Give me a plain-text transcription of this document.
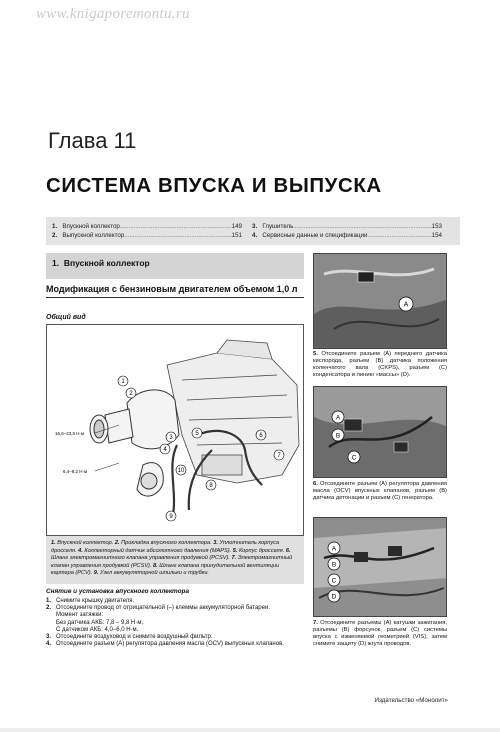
www.knigaporemontu.ru
Глава 11
СИСТЕМА ВПУСКА И ВЫПУСКА
1. Впускной коллектор .....	149
2. Выпускной коллектор .....	151
3. Глушитель .....	153
4. Сервисные данные и спецификации .....	154
1. Впускной коллектор
Модификация с бензиновым двигателем объемом 1,0 л
Общий вид
16,6–23,5 Н·м
6,4–8,2 Н·м
1
2
3
4
5	6
7
8
9
10
1. Впускной коллектор. 2. Прокладка впускного коллектора. 3. Уплотнитель корпуса дросселя. 4. Коллекторный датчик абсолютного давления (MAPS). 5. Корпус дросселя. 6. Шланг электромагнитного клапана управления продувкой (PCSV). 7. Электромагнитный клапан управления продувкой (PCSV). 8. Шланг клапана принудительной вентиляции картера (PCV). 9. Узел аккумуляторной шпильки и трубки.
Снятие и установка впускного коллектора
1. Снимите крышку двигателя.
2. Отсоедините провод от отрицательной (–) клеммы аккумуляторной батареи.
Момент затяжки:
Без датчика АКБ: 7,8 – 9,8 Н·м,
С датчиком АКБ: 4,0–6,0 Н·м.
3. Отсоедините воздуховод и снимите воздушный фильтр.
4. Отсоедините разъем (А) регулятора давления масла (OCV) выпускных клапанов.
A
5. Отсоедините разъем (А) переднего датчика кислорода, разъем (В) датчика положения коленчатого вала (CKPS), разъем (С) конденсатора и линию «массы» (D).
A
B
C
6. Отсоедините разъем (А) регулятора давления масла (OCV) впускных клапанов, разъем (В) датчика детонации и разъем (С) генератора.
A
B
C
D
7. Отсоедините разъемы (А) катушки зажигания, разъемы (В) форсунок, разъем (С) системы впуска с изменяемой геометрией (VIS), затем снимите защиту (D) жгута проводов.
Издательство «Монолит»
